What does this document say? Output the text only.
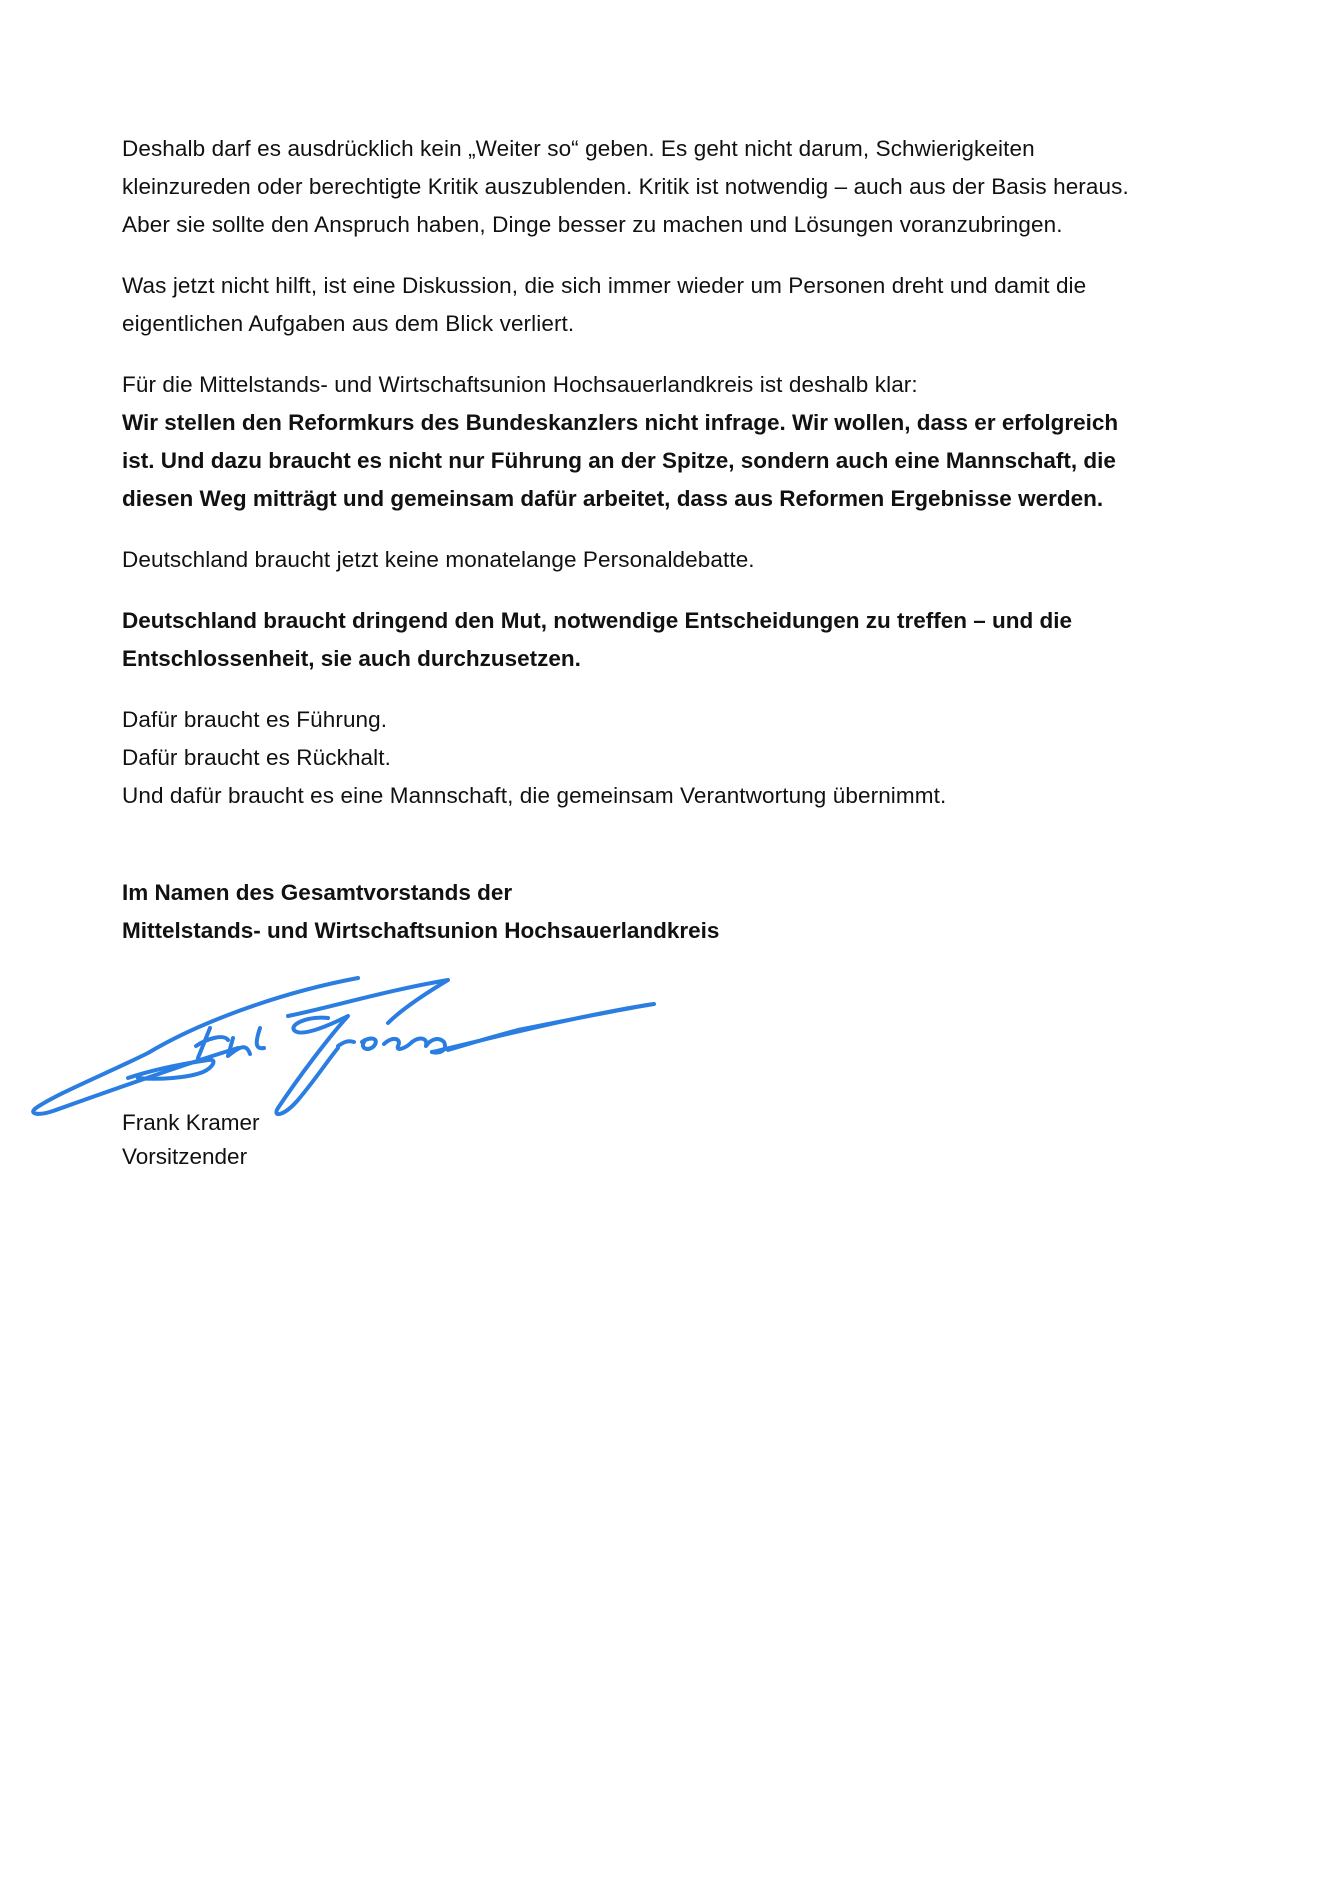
Deshalb darf es ausdrücklich kein „Weiter so“ geben. Es geht nicht darum, Schwierigkeiten
kleinzureden oder berechtigte Kritik auszublenden. Kritik ist notwendig – auch aus der Basis heraus.
Aber sie sollte den Anspruch haben, Dinge besser zu machen und Lösungen voranzubringen.
Was jetzt nicht hilft, ist eine Diskussion, die sich immer wieder um Personen dreht und damit die
eigentlichen Aufgaben aus dem Blick verliert.
Für die Mittelstands- und Wirtschaftsunion Hochsauerlandkreis ist deshalb klar:
Wir stellen den Reformkurs des Bundeskanzlers nicht infrage. Wir wollen, dass er erfolgreich
ist. Und dazu braucht es nicht nur Führung an der Spitze, sondern auch eine Mannschaft, die
diesen Weg mitträgt und gemeinsam dafür arbeitet, dass aus Reformen Ergebnisse werden.
Deutschland braucht jetzt keine monatelange Personaldebatte.
Deutschland braucht dringend den Mut, notwendige Entscheidungen zu treffen – und die
Entschlossenheit, sie auch durchzusetzen.
Dafür braucht es Führung.
Dafür braucht es Rückhalt.
Und dafür braucht es eine Mannschaft, die gemeinsam Verantwortung übernimmt.
Im Namen des Gesamtvorstands der
Mittelstands- und Wirtschaftsunion Hochsauerlandkreis
Frank Kramer
Vorsitzender
